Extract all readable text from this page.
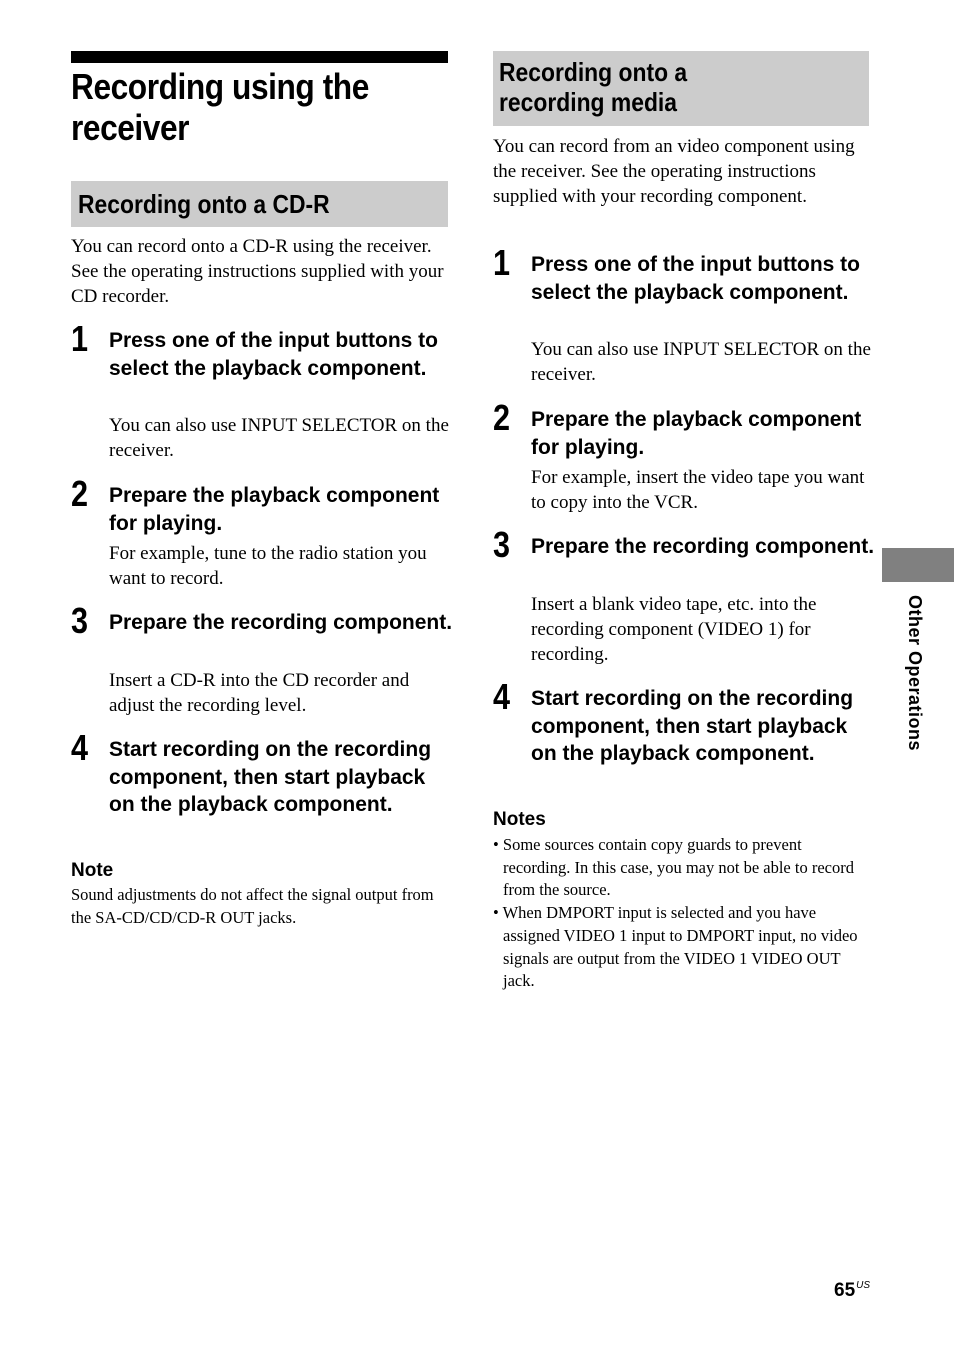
Recording using the receiver
Recording onto a CD-R

You can record onto a CD-R using the receiver. See the operating instructions supplied with your CD recorder.

1 Press one of the input buttons to select the playback component.

You can also use INPUT SELECTOR on the receiver.

2 Prepare the playback component for playing.

For example, tune to the radio station you want to record.

3 Prepare the recording component.

Insert a CD-R into the CD recorder and adjust the recording level.

4 Start recording on the recording component, then start playback on the playback component.

Note

Sound adjustments do not affect the signal output from the SA-CD/CD/CD-R OUT jacks.

Recording onto a recording media

You can record from an video component using the receiver. See the operating instructions supplied with your recording component.

1 Press one of the input buttons to select the playback component.

You can also use INPUT SELECTOR on the receiver.

2 Prepare the playback component for playing.

For example, insert the video tape you want to copy into the VCR.

3 Prepare the recording component.

Insert a blank video tape, etc. into the recording component (VIDEO 1) for recording.

4 Start recording on the recording component, then start playback on the playback component.

Notes
• Some sources contain copy guards to prevent recording. In this case, you may not be able to record from the source.
• When DMPORT input is selected and you have assigned VIDEO 1 input to DMPORT input, no video signals are output from the VIDEO 1 VIDEO OUT jack.
Other Operations
$65^{US}$
